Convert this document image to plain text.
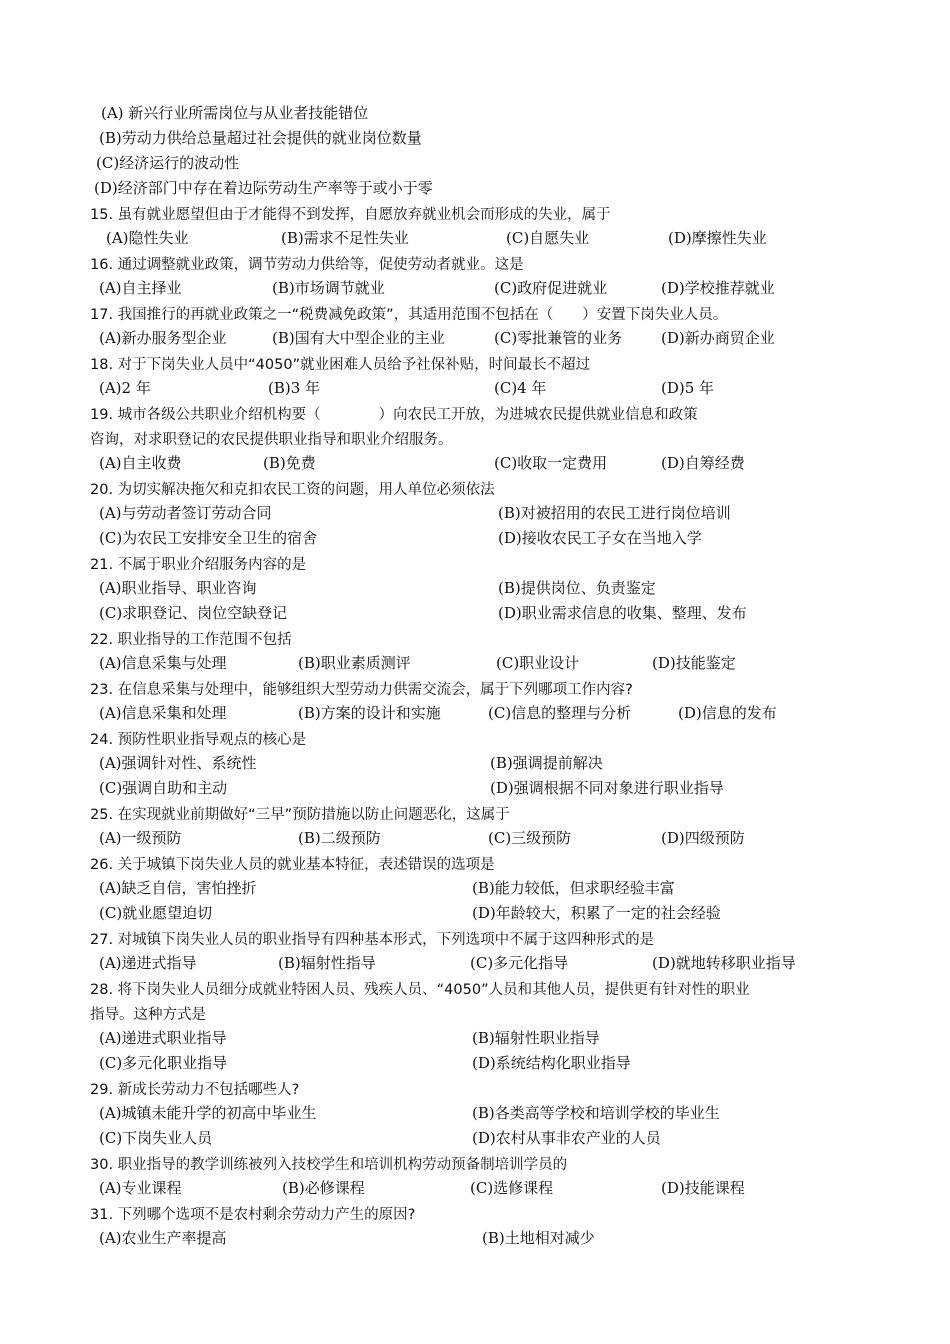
(A) 新兴行业所需岗位与从业者技能错位
(B)劳动力供给总量超过社会提供的就业岗位数量
(C)经济运行的波动性
(D)经济部门中存在着边际劳动生产率等于或小于零
15. 虽有就业愿望但由于才能得不到发挥，自愿放弃就业机会而形成的失业，属于
(A)隐性失业	(B)需求不足性失业	(C)自愿失业	(D)摩擦性失业
16. 通过调整就业政策，调节劳动力供给等，促使劳动者就业。这是
(A)自主择业	(B)市场调节就业	(C)政府促进就业	(D)学校推荐就业
17. 我国推行的再就业政策之一“税费减免政策”，其适用范围不包括在（　　）安置下岗失业人员。
(A)新办服务型企业	(B)国有大中型企业的主业	(C)零批兼管的业务	(D)新办商贸企业
18. 对于下岗失业人员中“4050”就业困难人员给予社保补贴，时间最长不超过
(A)2 年	(B)3 年	(C)4 年	(D)5 年
19. 城市各级公共职业介绍机构要（　　　　）向农民工开放，为进城农民提供就业信息和政策
咨询，对求职登记的农民提供职业指导和职业介绍服务。
(A)自主收费	(B)免费	(C)收取一定费用	(D)自筹经费
20. 为切实解决拖欠和克扣农民工资的问题，用人单位必须依法
(A)与劳动者签订劳动合同	(B)对被招用的农民工进行岗位培训
(C)为农民工安排安全卫生的宿舍	(D)接收农民工子女在当地入学
21. 不属于职业介绍服务内容的是
(A)职业指导、职业咨询	(B)提供岗位、负责鉴定
(C)求职登记、岗位空缺登记	(D)职业需求信息的收集、整理、发布
22. 职业指导的工作范围不包括
(A)信息采集与处理	(B)职业素质测评	(C)职业设计	(D)技能鉴定
23. 在信息采集与处理中，能够组织大型劳动力供需交流会，属于下列哪项工作内容?
(A)信息采集和处理	(B)方案的设计和实施	(C)信息的整理与分析	(D)信息的发布
24. 预防性职业指导观点的核心是
(A)强调针对性、系统性	(B)强调提前解决
(C)强调自助和主动	(D)强调根据不同对象进行职业指导
25. 在实现就业前期做好“三早”预防措施以防止问题恶化，这属于
(A)一级预防	(B)二级预防	(C)三级预防	(D)四级预防
26. 关于城镇下岗失业人员的就业基本特征，表述错误的选项是
(A)缺乏自信，害怕挫折	(B)能力较低，但求职经验丰富
(C)就业愿望迫切	(D)年龄较大，积累了一定的社会经验
27. 对城镇下岗失业人员的职业指导有四种基本形式，下列选项中不属于这四种形式的是
(A)递进式指导	(B)辐射性指导	(C)多元化指导	(D)就地转移职业指导
28. 将下岗失业人员细分成就业特困人员、残疾人员、“4050”人员和其他人员，提供更有针对性的职业
指导。这种方式是
(A)递进式职业指导	(B)辐射性职业指导
(C)多元化职业指导	(D)系统结构化职业指导
29. 新成长劳动力不包括哪些人?
(A)城镇未能升学的初高中毕业生	(B)各类高等学校和培训学校的毕业生
(C)下岗失业人员	(D)农村从事非农产业的人员
30. 职业指导的教学训练被列入技校学生和培训机构劳动预备制培训学员的
(A)专业课程	(B)必修课程	(C)选修课程	(D)技能课程
31. 下列哪个选项不是农村剩余劳动力产生的原因?
(A)农业生产率提高	(B)土地相对减少
